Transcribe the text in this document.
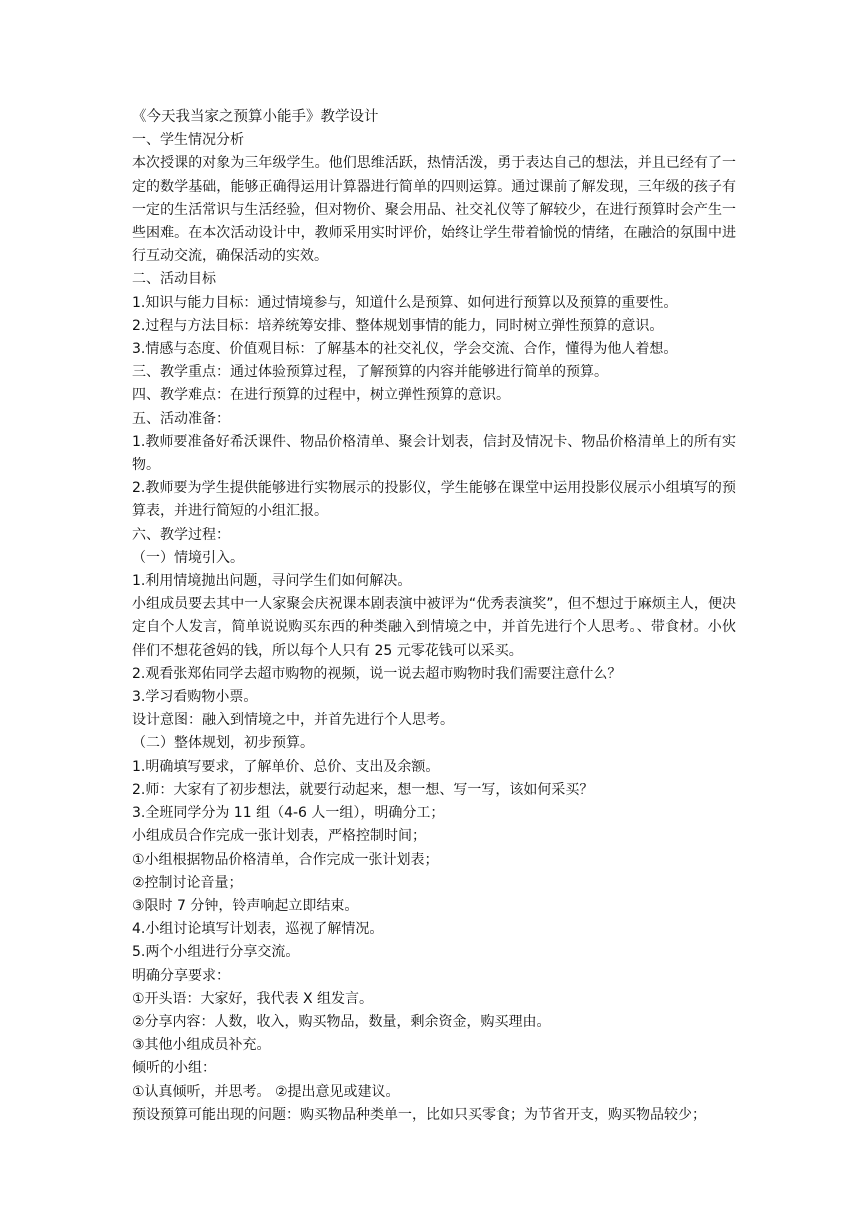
《今天我当家之预算小能手》教学设计
一、学生情况分析
本次授课的对象为三年级学生。他们思维活跃，热情活泼，勇于表达自己的想法，并且已经有了一定的数学基础，能够正确得运用计算器进行简单的四则运算。通过课前了解发现，三年级的孩子有一定的生活常识与生活经验，但对物价、聚会用品、社交礼仪等了解较少，在进行预算时会产生一些困难。在本次活动设计中，教师采用实时评价，始终让学生带着愉悦的情绪，在融洽的氛围中进行互动交流，确保活动的实效。
二、活动目标
1.知识与能力目标：通过情境参与，知道什么是预算、如何进行预算以及预算的重要性。
2.过程与方法目标：培养统筹安排、整体规划事情的能力，同时树立弹性预算的意识。
3.情感与态度、价值观目标：了解基本的社交礼仪，学会交流、合作，懂得为他人着想。
三、教学重点：通过体验预算过程，了解预算的内容并能够进行简单的预算。
四、教学难点：在进行预算的过程中，树立弹性预算的意识。
五、活动准备：
1.教师要准备好希沃课件、物品价格清单、聚会计划表，信封及情况卡、物品价格清单上的所有实物。
2.教师要为学生提供能够进行实物展示的投影仪，学生能够在课堂中运用投影仪展示小组填写的预算表，并进行简短的小组汇报。
六、教学过程：
（一）情境引入。
1.利用情境抛出问题，寻问学生们如何解决。
小组成员要去其中一人家聚会庆祝课本剧表演中被评为“优秀表演奖”，但不想过于麻烦主人，便决定自个人发言，简单说说购买东西的种类融入到情境之中，并首先进行个人思考。、带食材。小伙伴们不想花爸妈的钱，所以每个人只有 25 元零花钱可以采买。
2.观看张郑佑同学去超市购物的视频，说一说去超市购物时我们需要注意什么？
3.学习看购物小票。
设计意图：融入到情境之中，并首先进行个人思考。
（二）整体规划，初步预算。
1.明确填写要求，了解单价、总价、支出及余额。
2.师：大家有了初步想法，就要行动起来，想一想、写一写，该如何采买？
3.全班同学分为 11 组（4-6 人一组），明确分工；
小组成员合作完成一张计划表，严格控制时间；
①小组根据物品价格清单，合作完成一张计划表；
②控制讨论音量；
③限时 7 分钟，铃声响起立即结束。
4.小组讨论填写计划表，巡视了解情况。
5.两个小组进行分享交流。
明确分享要求：
①开头语：大家好，我代表 X 组发言。
②分享内容：人数，收入，购买物品，数量，剩余资金，购买理由。
③其他小组成员补充。
倾听的小组：
①认真倾听，并思考。 ②提出意见或建议。
预设预算可能出现的问题：购买物品种类单一，比如只买零食；为节省开支，购买物品较少；
